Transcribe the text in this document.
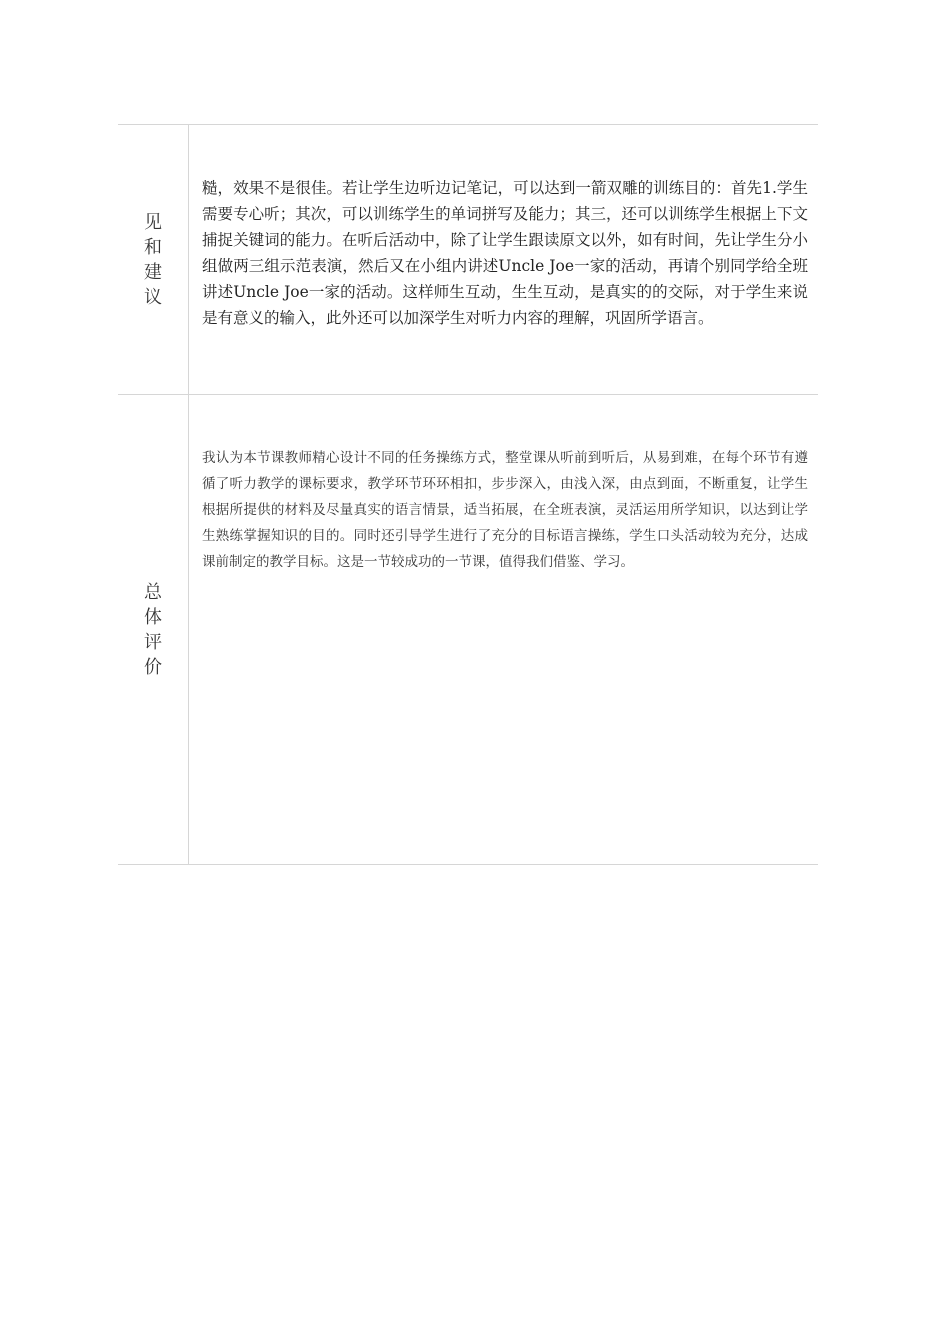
见和建议	糙，效果不是很佳。若让学生边听边记笔记，可以达到一箭双雕的训练目的：首先1.学生需要专心听；其次，可以训练学生的单词拼写及能力；其三，还可以训练学生根据上下文捕捉关键词的能力。在听后活动中，除了让学生跟读原文以外，如有时间，先让学生分小组做两三组示范表演，然后又在小组内讲述Uncle Joe一家的活动，再请个别同学给全班讲述Uncle Joe一家的活动。这样师生互动，生生互动，是真实的的交际，对于学生来说是有意义的输入，此外还可以加深学生对听力内容的理解，巩固所学语言。

总体评价	我认为本节课教师精心设计不同的任务操练方式，整堂课从听前到听后，从易到难，在每个环节有遵循了听力教学的课标要求，教学环节环环相扣，步步深入，由浅入深，由点到面，不断重复，让学生根据所提供的材料及尽量真实的语言情景，适当拓展，在全班表演，灵活运用所学知识，以达到让学生熟练掌握知识的目的。同时还引导学生进行了充分的目标语言操练，学生口头活动较为充分，达成课前制定的教学目标。这是一节较成功的一节课，值得我们借鉴、学习。
